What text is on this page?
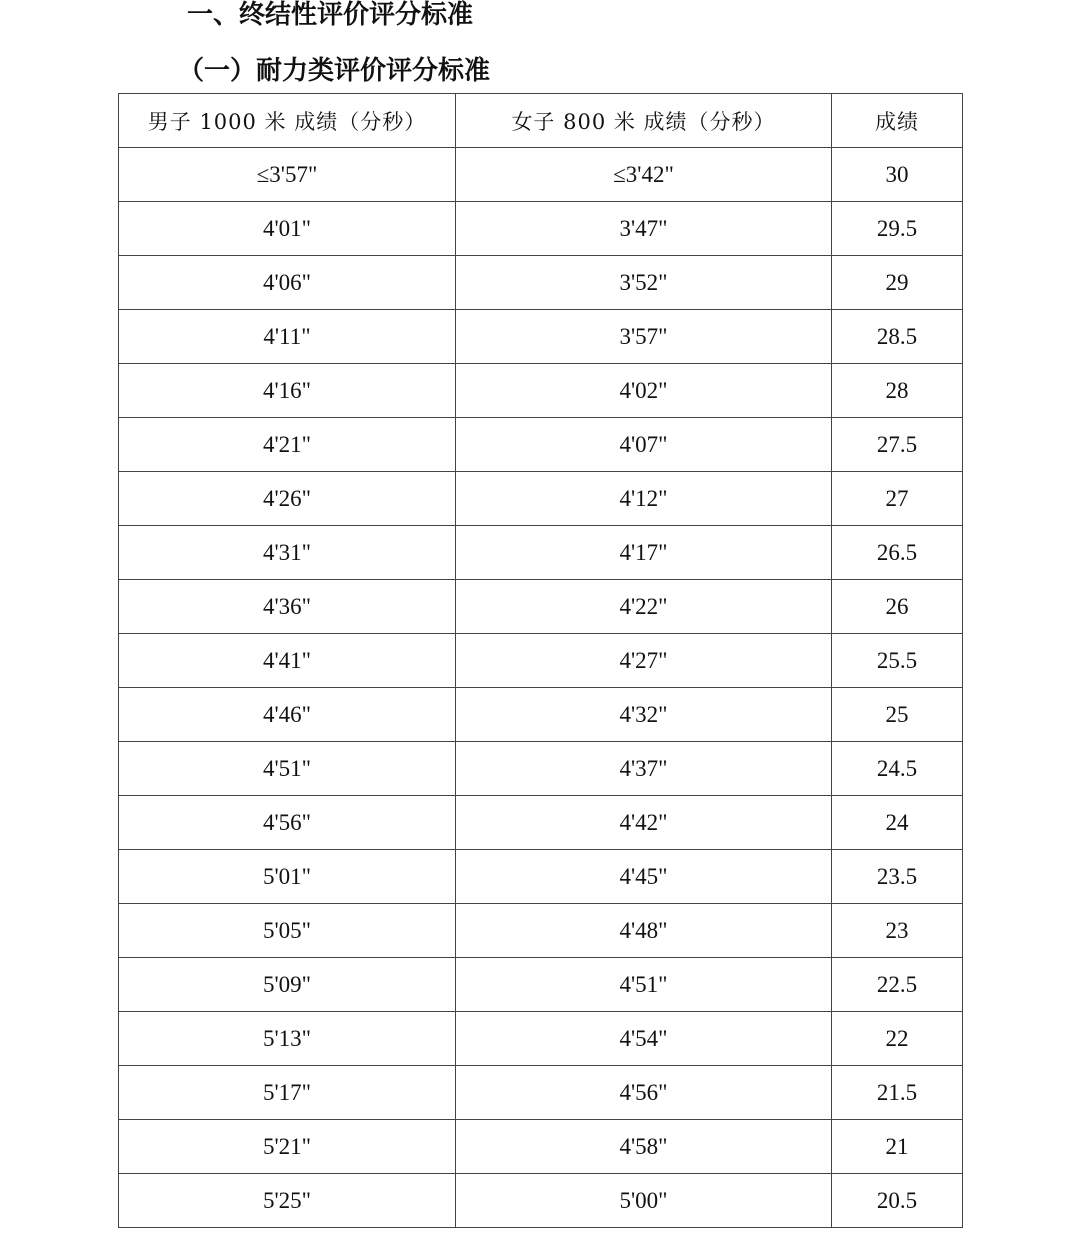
一、终结性评价评分标准
（一）耐力类评价评分标准
男子 1000 米 成绩（分秒）	女子 800 米 成绩（分秒）	成绩
≤3'57"	≤3'42"	30
4'01"	3'47"	29.5
4'06"	3'52"	29
4'11"	3'57"	28.5
4'16"	4'02"	28
4'21"	4'07"	27.5
4'26"	4'12"	27
4'31"	4'17"	26.5
4'36"	4'22"	26
4'41"	4'27"	25.5
4'46"	4'32"	25
4'51"	4'37"	24.5
4'56"	4'42"	24
5'01"	4'45"	23.5
5'05"	4'48"	23
5'09"	4'51"	22.5
5'13"	4'54"	22
5'17"	4'56"	21.5
5'21"	4'58"	21
5'25"	5'00"	20.5
